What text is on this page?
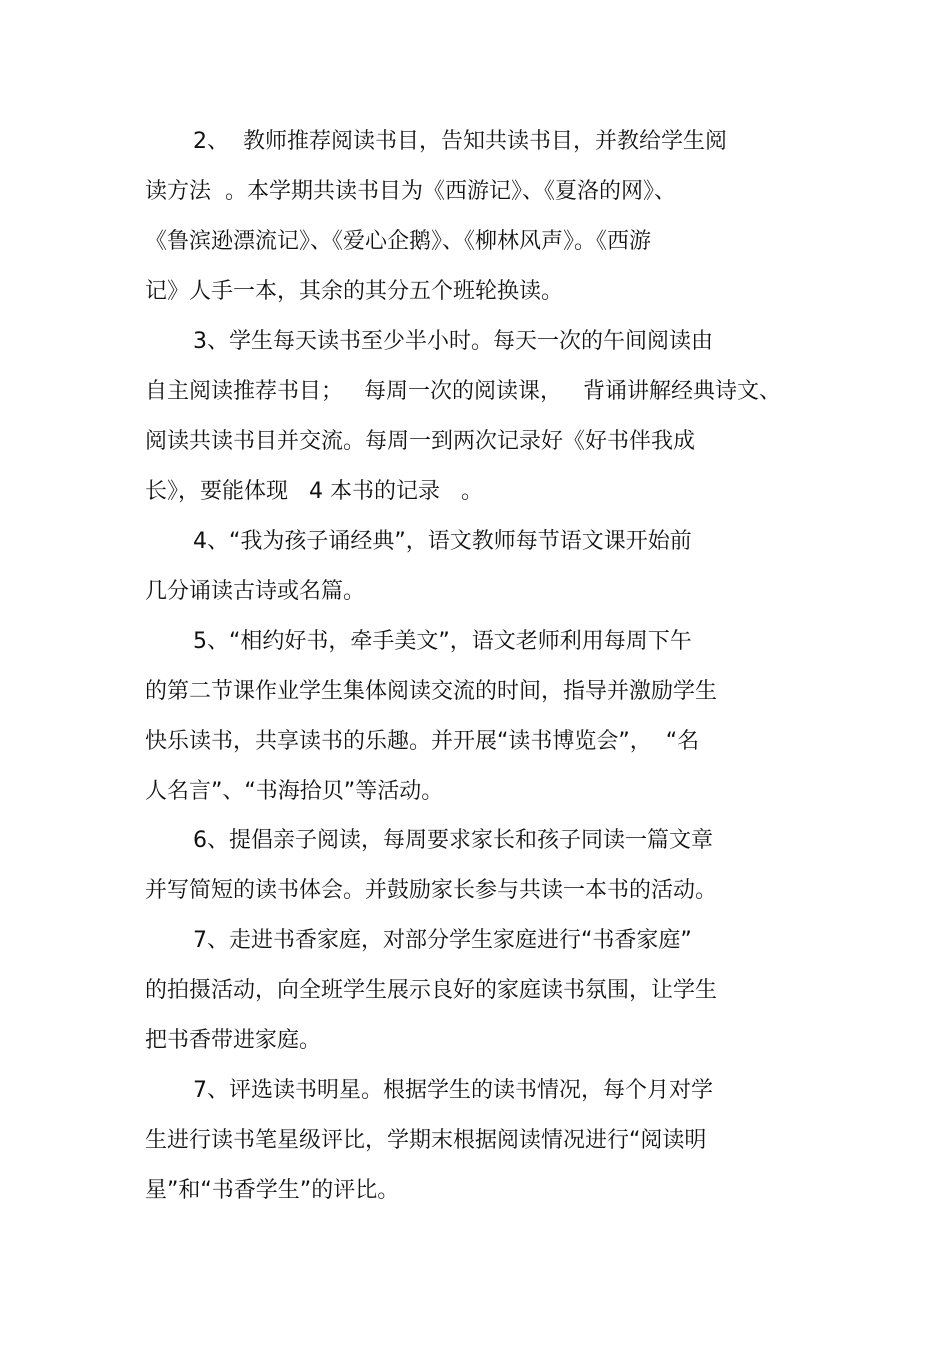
2、  教师推荐阅读书目，告知共读书目，并教给学生阅
读方法  。本学期共读书目为《西游记》、《夏洛的网》、
《鲁滨逊漂流记》、《爱心企鹅》、《柳林风声》。《西游
记》人手一本，其余的其分五个班轮换读。
3、学生每天读书至少半小时。每天一次的午间阅读由
自主阅读推荐书目；   每周一次的阅读课，   背诵讲解经典诗文、
阅读共读书目并交流。每周一到两次记录好《好书伴我成
长》，要能体现   4 本书的记录   。
4、“我为孩子诵经典”，语文教师每节语文课开始前
几分诵读古诗或名篇。
5、“相约好书，牵手美文”，语文老师利用每周下午
的第二节课作业学生集体阅读交流的时间，指导并激励学生
快乐读书，共享读书的乐趣。并开展“读书博览会”，  “名
人名言”、“书海拾贝”等活动。
6、提倡亲子阅读，每周要求家长和孩子同读一篇文章
并写简短的读书体会。并鼓励家长参与共读一本书的活动。
7、走进书香家庭，对部分学生家庭进行“书香家庭”
的拍摄活动，向全班学生展示良好的家庭读书氛围，让学生
把书香带进家庭。
7、评选读书明星。根据学生的读书情况，每个月对学
生进行读书笔星级评比，学期末根据阅读情况进行“阅读明
星”和“书香学生”的评比。
